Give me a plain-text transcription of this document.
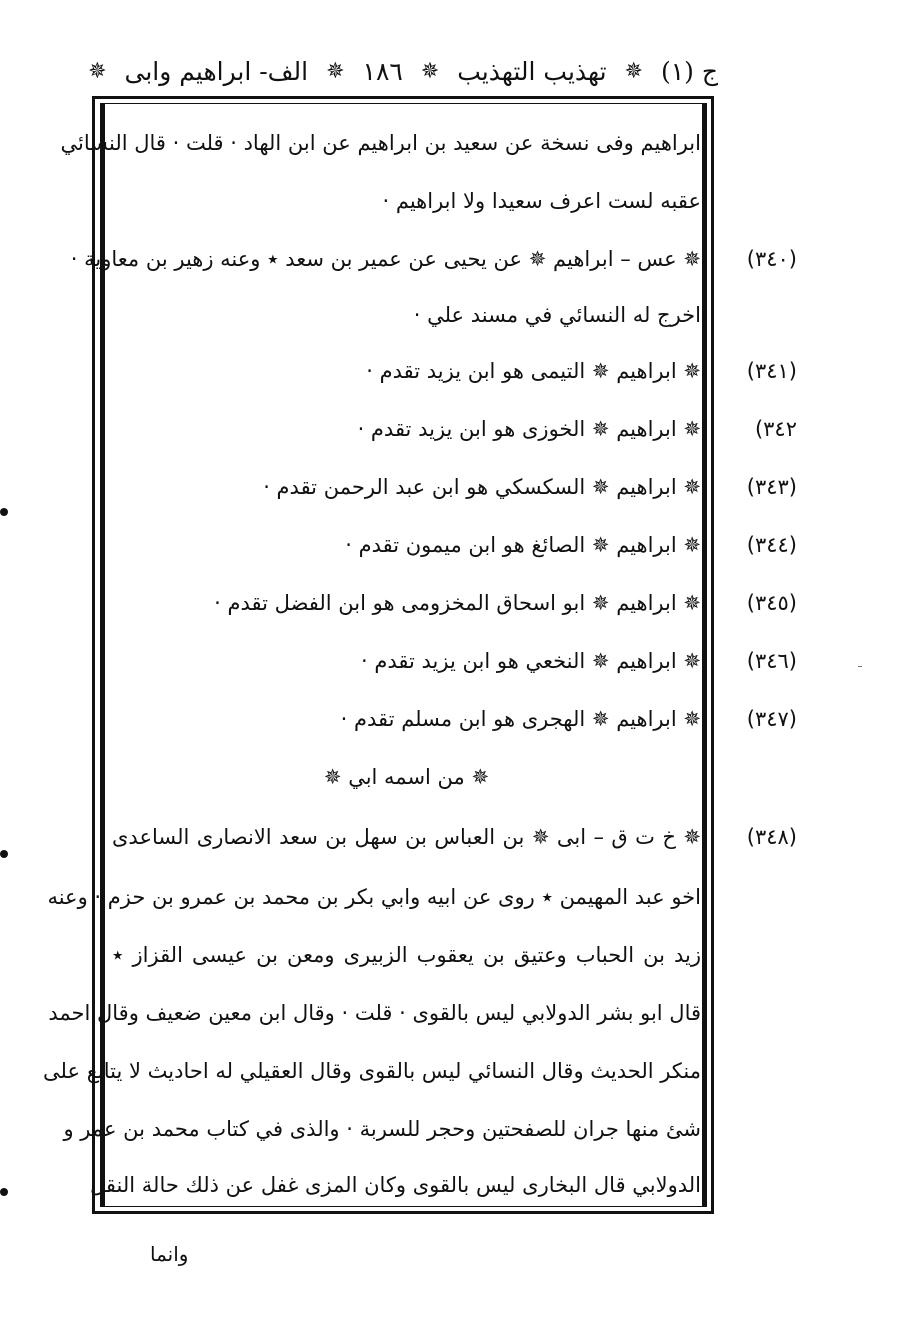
ج (۱)
✵
تهذيب التهذيب
✵
١٨٦
✵
الف- ابراهيم وابى
✵
ابراهيم وفى نسخة عن سعيد بن ابراهيم عن ابن الهاد · قلت · قال النسائي
عقبه لست اعرف سعيدا ولا ابراهيم ·
(٣٤٠)
✵ عس – ابراهيم ✵ عن يحيى عن عمير بن سعد ٭ وعنه زهير بن معاوية ·
اخرج له النسائي في مسند علي ·
(٣٤١)
✵ ابراهيم ✵ التيمى هو ابن يزيد تقدم ·
٣٤٢)
✵ ابراهيم ✵ الخوزى هو ابن يزيد تقدم ·
(٣٤٣)
✵ ابراهيم ✵ السكسكي هو ابن عبد الرحمن تقدم ·
(٣٤٤)
✵ ابراهيم ✵ الصائغ هو ابن ميمون تقدم ·
(٣٤٥)
✵ ابراهيم ✵ ابو اسحاق المخزومى هو ابن الفضل تقدم ·
(٣٤٦)
✵ ابراهيم ✵ النخعي هو ابن يزيد تقدم ·
(٣٤٧)
✵ ابراهيم ✵ الهجرى هو ابن مسلم تقدم ·
✵ من اسمه ابي ✵
(٣٤٨)
✵ خ ت ق – ابى ✵ بن العباس بن سهل بن سعد الانصارى الساعدى
اخو عبد المهيمن ٭ روى عن ابيه وابي بكر بن محمد بن عمرو بن حزم · وعنه
زيد بن الحباب وعتيق بن يعقوب الزبيرى ومعن بن عيسى القزاز ٭
قال ابو بشر الدولابي ليس بالقوى · قلت · وقال ابن معين ضعيف وقال احمد
منكر الحديث وقال النسائي ليس بالقوى وقال العقيلي له احاديث لا يتابع على
شئ منها جران للصفحتين وحجر للسربة · والذى في كتاب محمد بن عمر و
الدولابي قال البخارى ليس بالقوى وكان المزى غفل عن ذلك حالة النقل
وانما
